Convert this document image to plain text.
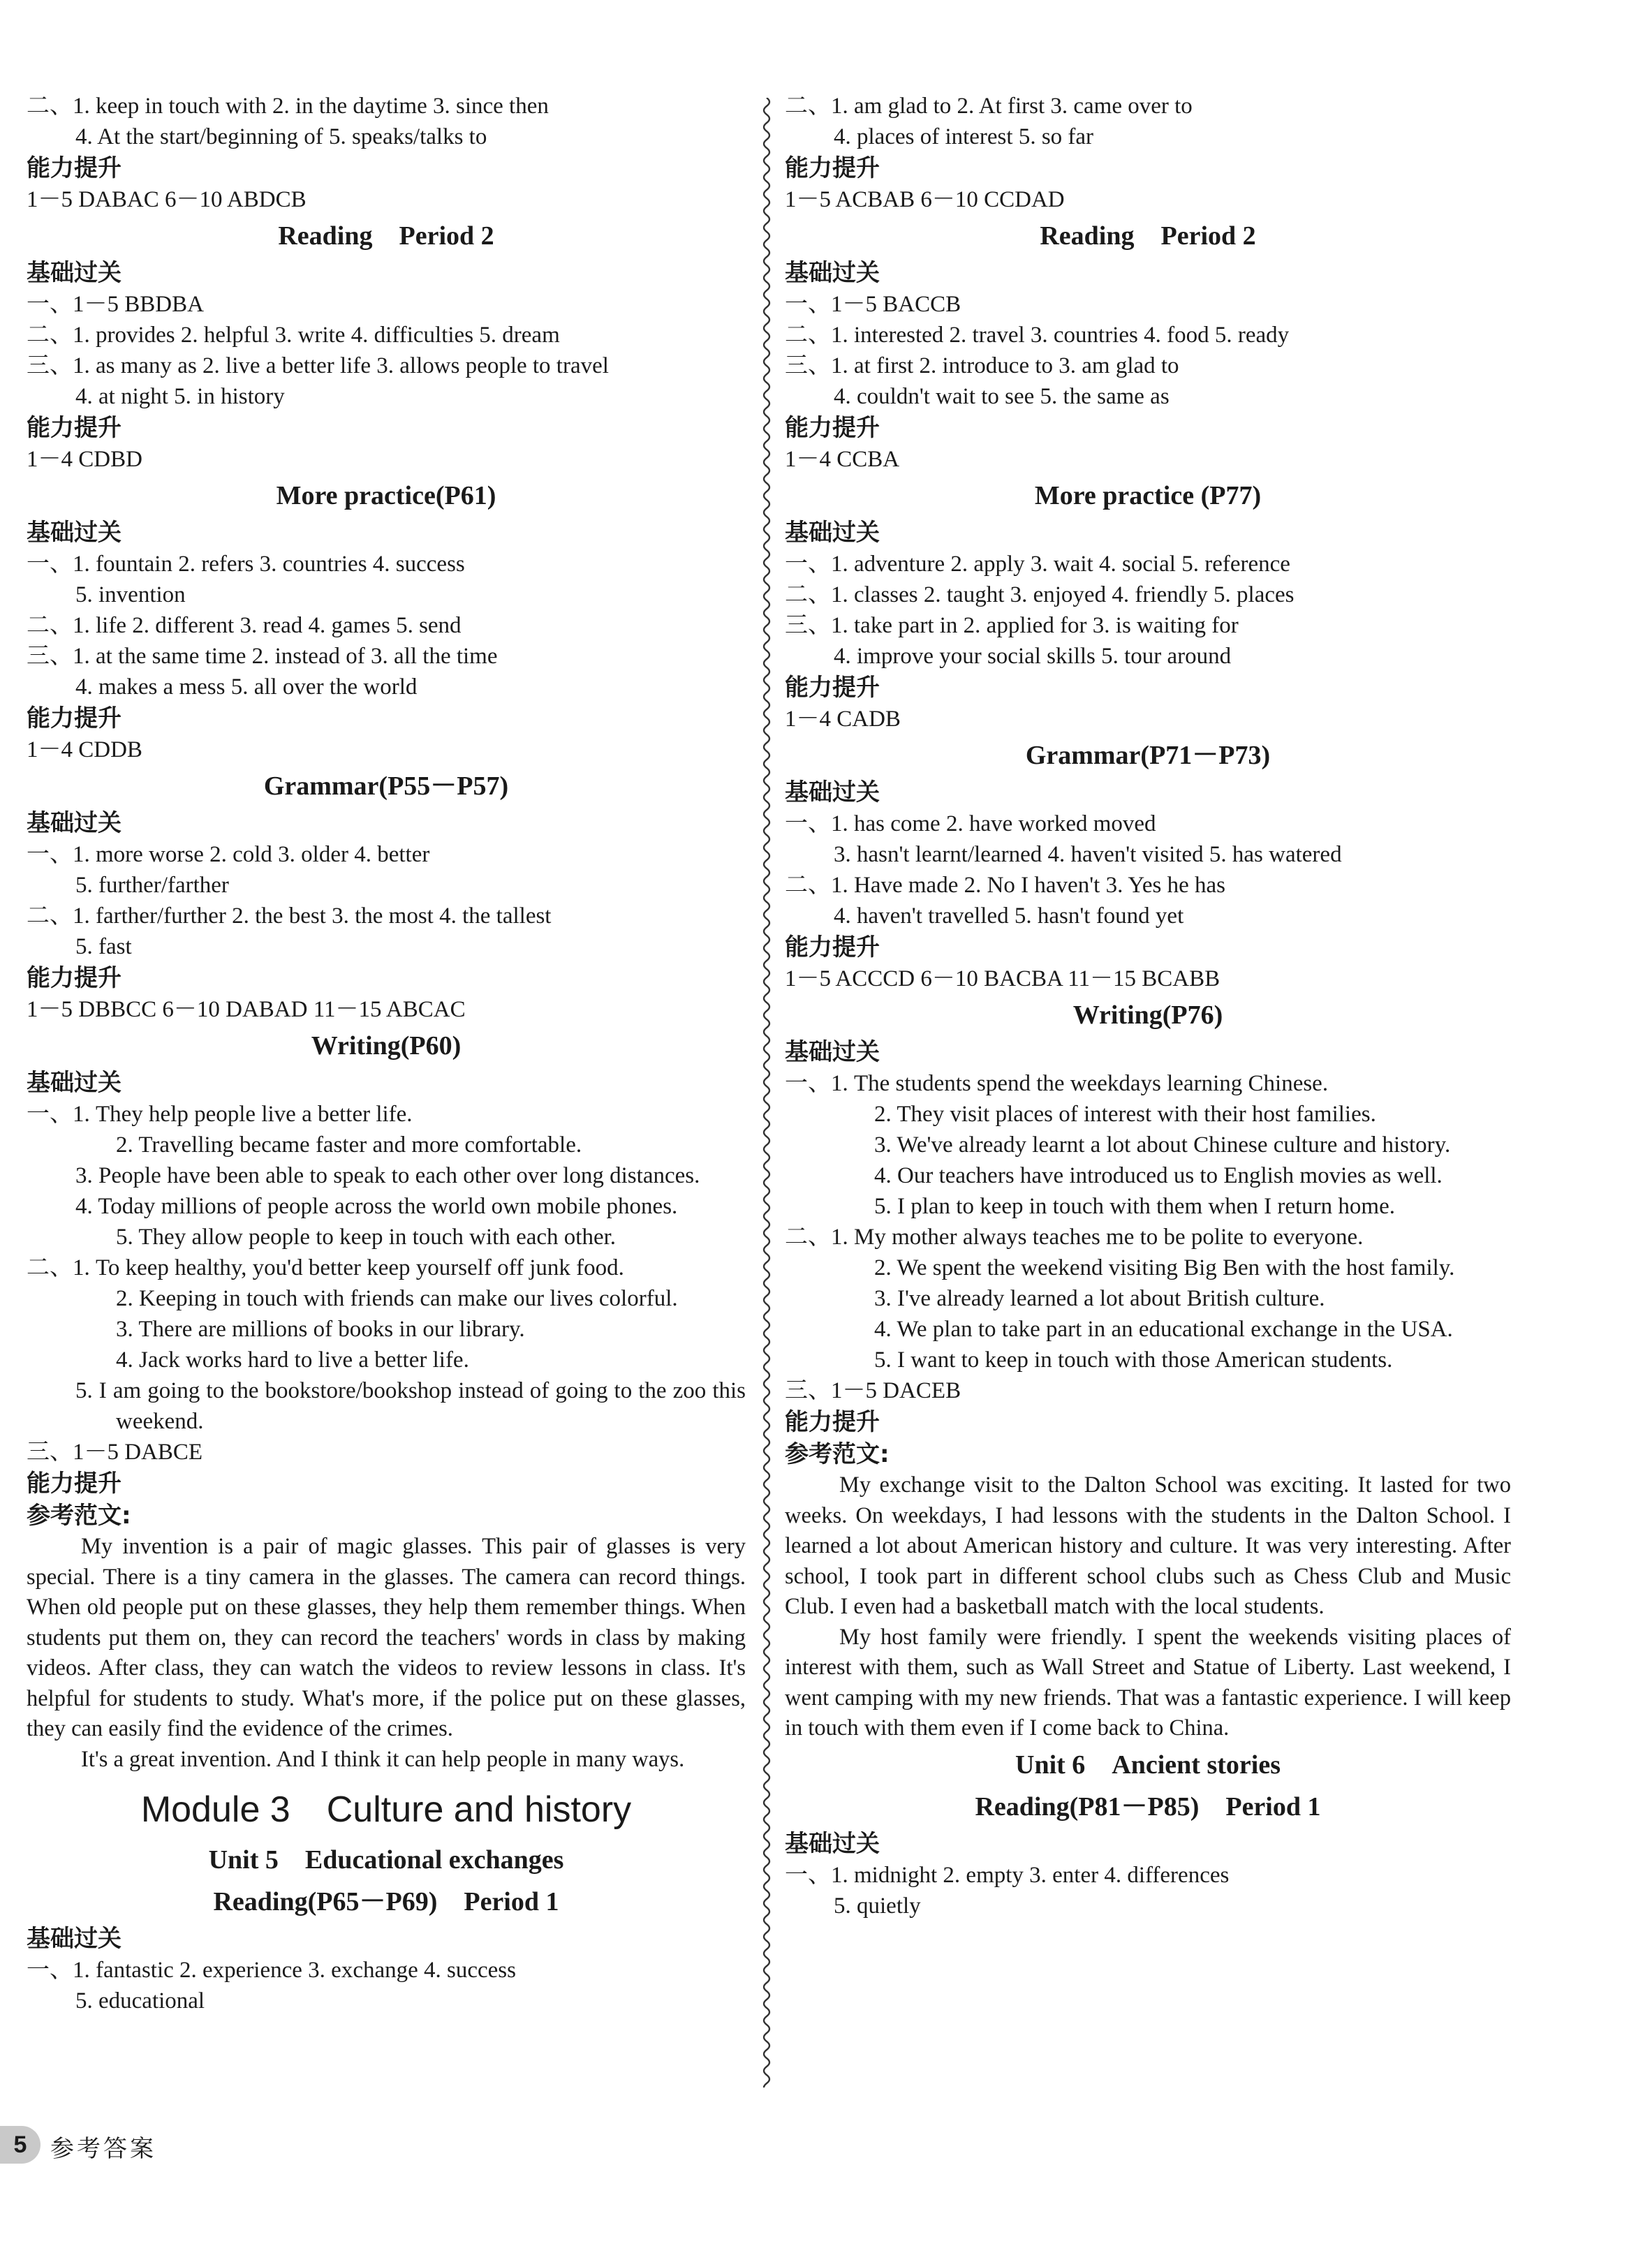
二、1. keep in touch with 2. in the daytime 3. since then
4. At the start/beginning of 5. speaks/talks to
能力提升
1－5 DABAC 6－10 ABDCB
Reading　Period 2
基础过关
一、1－5 BBDBA
二、1. provides 2. helpful 3. write 4. difficulties 5. dream
三、1. as many as 2. live a better life 3. allows people to travel
4. at night 5. in history
能力提升
1－4 CDBD
More practice(P61)
基础过关
一、1. fountain 2. refers 3. countries 4. success
5. invention
二、1. life 2. different 3. read 4. games 5. send
三、1. at the same time 2. instead of 3. all the time
4. makes a mess 5. all over the world
能力提升
1－4 CDDB
Grammar(P55－P57)
基础过关
一、1. more worse 2. cold 3. older 4. better
5. further/farther
二、1. farther/further 2. the best 3. the most 4. the tallest
5. fast
能力提升
1－5 DBBCC 6－10 DABAD 11－15 ABCAC
Writing(P60)
基础过关
一、1. They help people live a better life.
2. Travelling became faster and more comfortable.
3. People have been able to speak to each other over long distances.
4. Today millions of people across the world own mobile phones.
5. They allow people to keep in touch with each other.
二、1. To keep healthy, you'd better keep yourself off junk food.
2. Keeping in touch with friends can make our lives colorful.
3. There are millions of books in our library.
4. Jack works hard to live a better life.
5. I am going to the bookstore/bookshop instead of going to the zoo this weekend.
三、1－5 DABCE
能力提升
参考范文:
My invention is a pair of magic glasses. This pair of glasses is very special. There is a tiny camera in the glasses. The camera can record things. When old people put on these glasses, they help them remember things. When students put them on, they can record the teachers' words in class by making videos. After class, they can watch the videos to review lessons in class. It's helpful for students to study. What's more, if the police put on these glasses, they can easily find the evidence of the crimes.
It's a great invention. And I think it can help people in many ways.
Module 3　Culture and history
Unit 5　Educational exchanges
Reading(P65－P69)　Period 1
基础过关
一、1. fantastic 2. experience 3. exchange 4. success
5. educational
二、1. am glad to 2. At first 3. came over to
4. places of interest 5. so far
能力提升
1－5 ACBAB 6－10 CCDAD
Reading　Period 2
基础过关
一、1－5 BACCB
二、1. interested 2. travel 3. countries 4. food 5. ready
三、1. at first 2. introduce to 3. am glad to
4. couldn't wait to see 5. the same as
能力提升
1－4 CCBA
More practice (P77)
基础过关
一、1. adventure 2. apply 3. wait 4. social 5. reference
二、1. classes 2. taught 3. enjoyed 4. friendly 5. places
三、1. take part in 2. applied for 3. is waiting for
4. improve your social skills 5. tour around
能力提升
1－4 CADB
Grammar(P71－P73)
基础过关
一、1. has come 2. have worked moved
3. hasn't learnt/learned 4. haven't visited 5. has watered
二、1. Have made 2. No I haven't 3. Yes he has
4. haven't travelled 5. hasn't found yet
能力提升
1－5 ACCCD 6－10 BACBA 11－15 BCABB
Writing(P76)
基础过关
一、1. The students spend the weekdays learning Chinese.
2. They visit places of interest with their host families.
3. We've already learnt a lot about Chinese culture and history.
4. Our teachers have introduced us to English movies as well.
5. I plan to keep in touch with them when I return home.
二、1. My mother always teaches me to be polite to everyone.
2. We spent the weekend visiting Big Ben with the host family.
3. I've already learned a lot about British culture.
4. We plan to take part in an educational exchange in the USA.
5. I want to keep in touch with those American students.
三、1－5 DACEB
能力提升
参考范文:
My exchange visit to the Dalton School was exciting. It lasted for two weeks. On weekdays, I had lessons with the students in the Dalton School. I learned a lot about American history and culture. It was very interesting. After school, I took part in different school clubs such as Chess Club and Music Club. I even had a basketball match with the local students.
My host family were friendly. I spent the weekends visiting places of interest with them, such as Wall Street and Statue of Liberty. Last weekend, I went camping with my new friends. That was a fantastic experience. I will keep in touch with them even if I come back to China.
Unit 6　Ancient stories
Reading(P81－P85)　Period 1
基础过关
一、1. midnight 2. empty 3. enter 4. differences
5. quietly
5 参考答案
